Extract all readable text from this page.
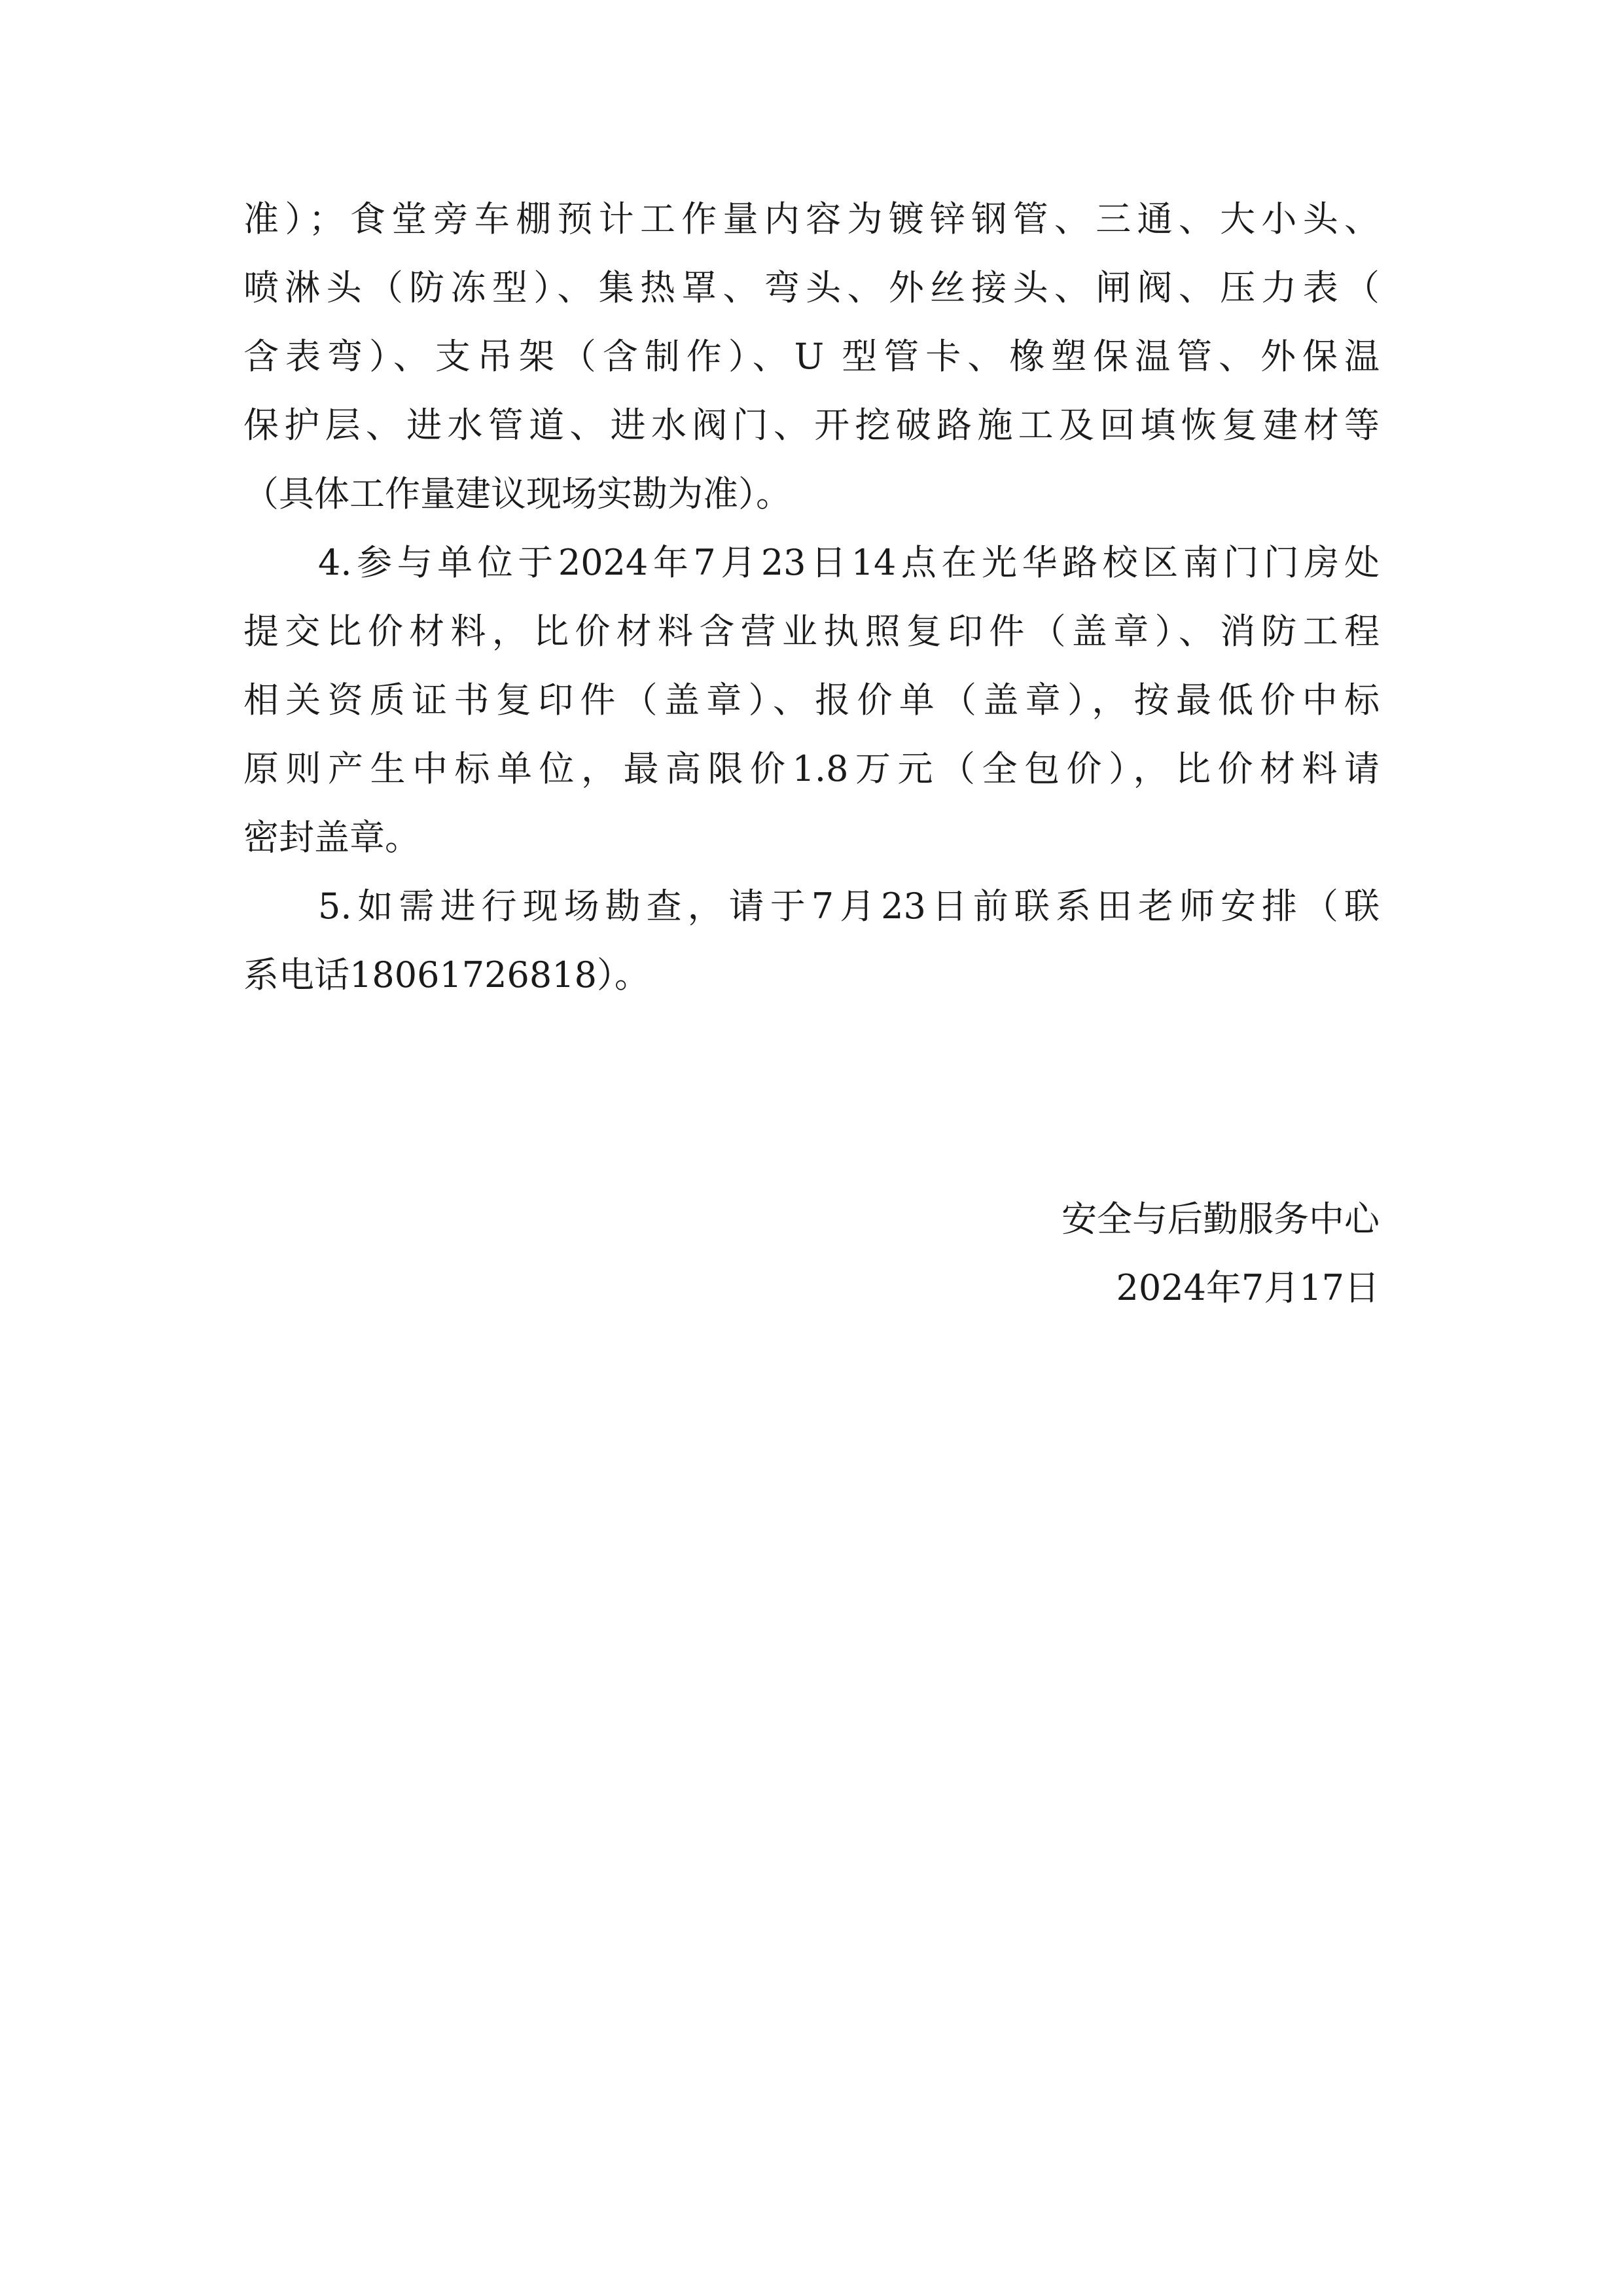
准）；食堂旁车棚预计工作量内容为镀锌钢管、三通、大小头、
喷淋头（防冻型）、集热罩、弯头、外丝接头、闸阀、压力表（
含表弯）、支吊架（含制作）、U 型管卡、橡塑保温管、外保温
保护层、进水管道、进水阀门、开挖破路施工及回填恢复建材等
（具体工作量建议现场实勘为准）。
4.参与单位于2024年7月23日14点在光华路校区南门门房处
提交比价材料，比价材料含营业执照复印件（盖章）、消防工程
相关资质证书复印件（盖章）、报价单（盖章），按最低价中标
原则产生中标单位，最高限价1.8万元（全包价），比价材料请
密封盖章。
5.如需进行现场勘查，请于7月23日前联系田老师安排（联
系电话18061726818）。
安全与后勤服务中心
2024年7月17日
